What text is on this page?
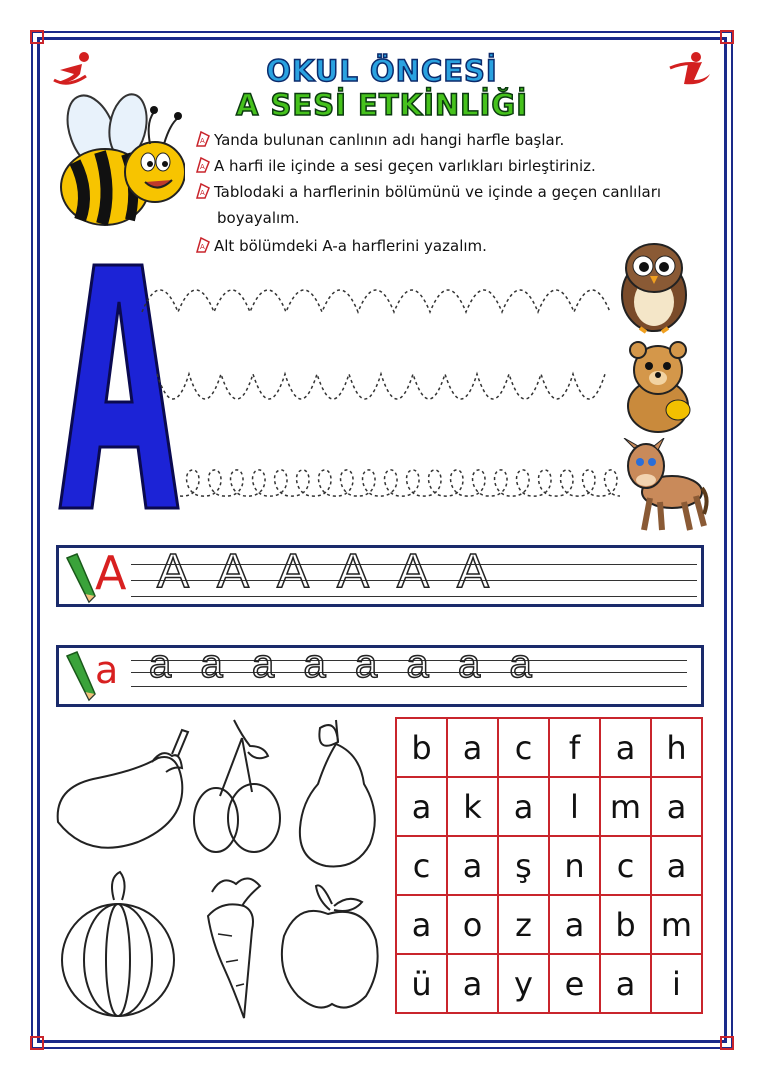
OKUL ÖNCESİ
A SESİ ETKİNLİĞİ
A Yanda bulunan canlının adı hangi harfle başlar.
A A harfi ile içinde a sesi geçen varlıkları birleştiriniz.
A Tablodaki a harflerinin bölümünü ve içinde a geçen canlıları
boyayalım.
A Alt bölümdeki A-a harflerini yazalım.
A A A A A A A
a a a a a a a a a
b	a	c	f	a	h
a	k	a	l	m	a
c	a	ş	n	c	a
a	o	z	a	b	m
ü	a	y	e	a	i
